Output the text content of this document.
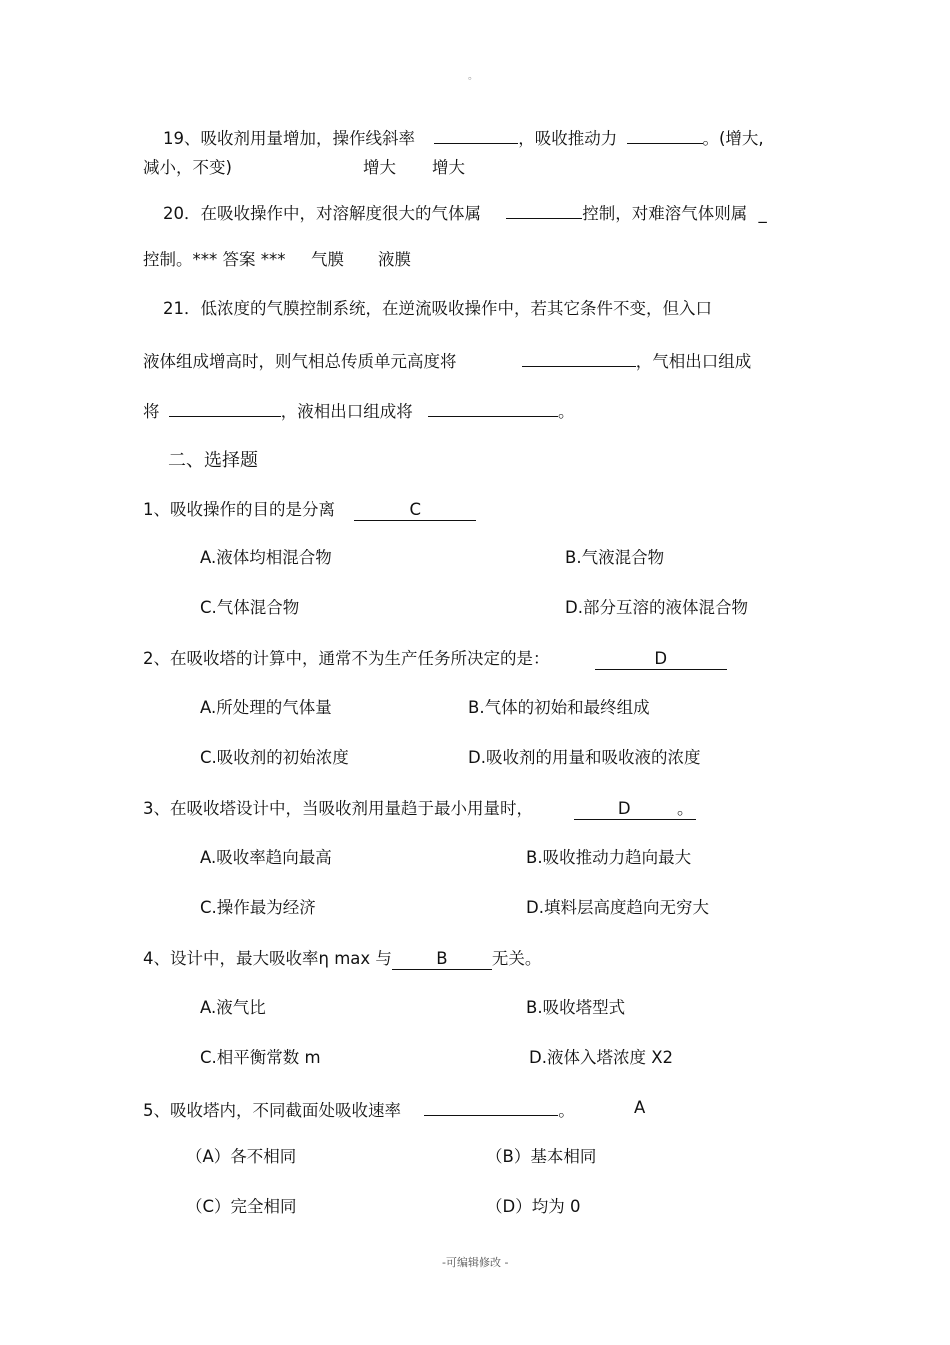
。
19、吸收剂用量增加，操作线斜率	，吸收推动力	。(增大,
减小，不变)	增大 增大
20．在吸收操作中，对溶解度很大的气体属	控制，对难溶气体则属 _
控制。*** 答案 *** 气膜 液膜
21．低浓度的气膜控制系统，在逆流吸收操作中，若其它条件不变，但入口
液体组成增高时，则气相总传质单元高度将	，气相出口组成
将	，液相出口组成将	。
二、选择题
1、吸收操作的目的是分离	C
A.液体均相混合物	B.气液混合物
C.气体混合物	D.部分互溶的液体混合物
2、在吸收塔的计算中，通常不为生产任务所决定的是：	D
A.所处理的气体量	B.气体的初始和最终组成
C.吸收剂的初始浓度	D.吸收剂的用量和吸收液的浓度
3、在吸收塔设计中，当吸收剂用量趋于最小用量时，	D	。
A.吸收率趋向最高	B.吸收推动力趋向最大
C.操作最为经济	D.填料层高度趋向无穷大
4、设计中，最大吸收率η max 与	B	无关。
A.液气比	B.吸收塔型式
C.相平衡常数 m	D.液体入塔浓度 X2
5、吸收塔内，不同截面处吸收速率	。	A
（A）各不相同	（B）基本相同
（C）完全相同	（D）均为 0
-可编辑修改 -
